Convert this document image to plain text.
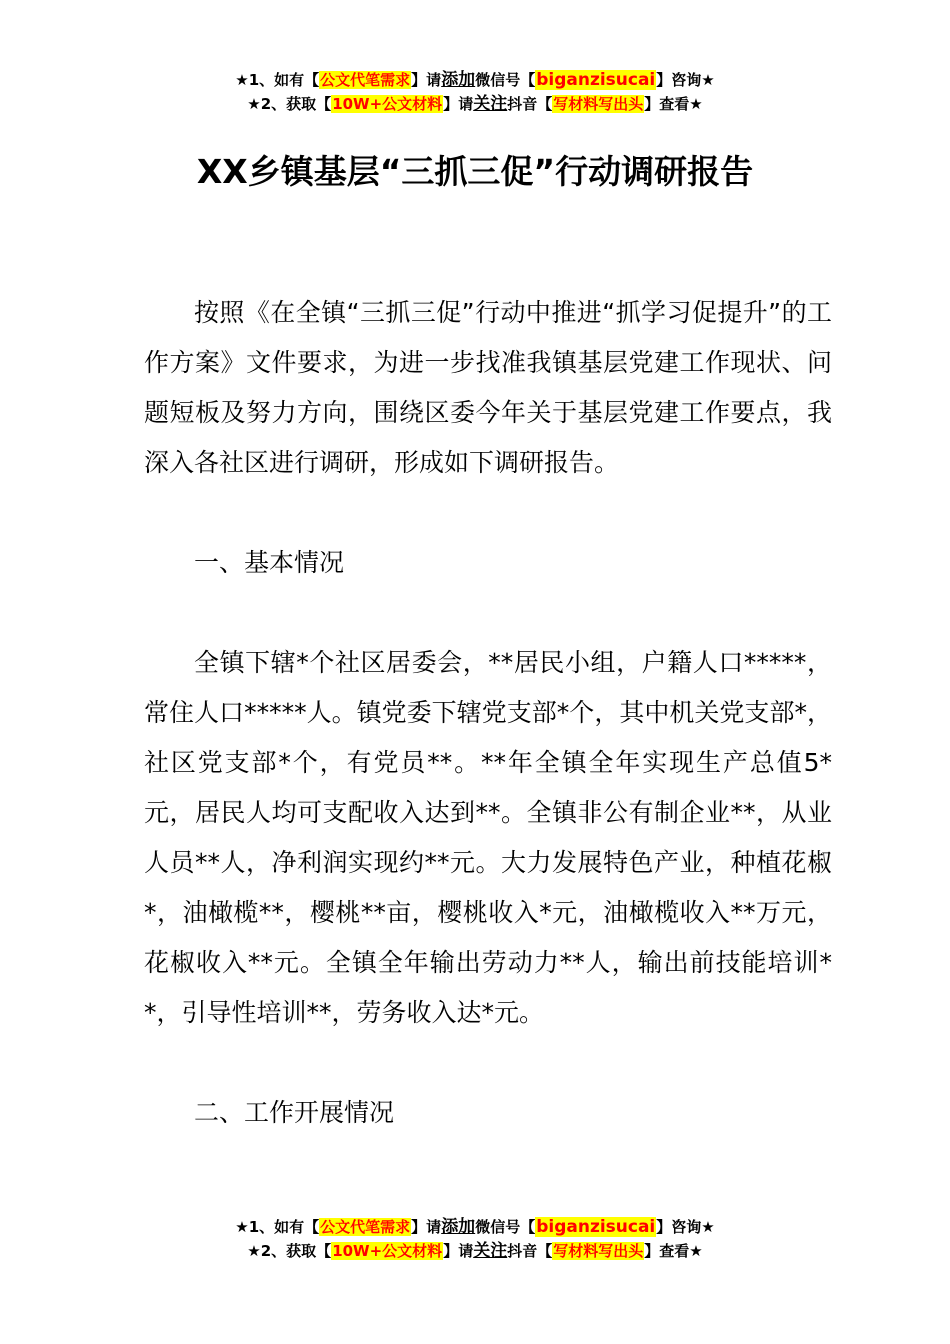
★1、如有【公文代笔需求】请添加微信号【biganzisucai】咨询★
★2、获取【10W+公文材料】请关注抖音【写材料写出头】查看★
XX乡镇基层“三抓三促”行动调研报告

按照《在全镇“三抓三促”行动中推进“抓学习促提升”的工作方案》文件要求，为进一步找准我镇基层党建工作现状、问题短板及努力方向，围绕区委今年关于基层党建工作要点，我深入各社区进行调研，形成如下调研报告。

一、基本情况

全镇下辖*个社区居委会，**居民小组，户籍人口*****，常住人口*****人。镇党委下辖党支部*个，其中机关党支部*，社区党支部*个，有党员**。**年全镇全年实现生产总值5*元，居民人均可支配收入达到**。全镇非公有制企业**，从业人员**人，净利润实现约**元。大力发展特色产业，种植花椒*，油橄榄**，樱桃**亩，樱桃收入*元，油橄榄收入**万元，花椒收入**元。全镇全年输出劳动力**人，输出前技能培训**，引导性培训**，劳务收入达*元。

二、工作开展情况

★1、如有【公文代笔需求】请添加微信号【biganzisucai】咨询★
★2、获取【10W+公文材料】请关注抖音【写材料写出头】查看★
